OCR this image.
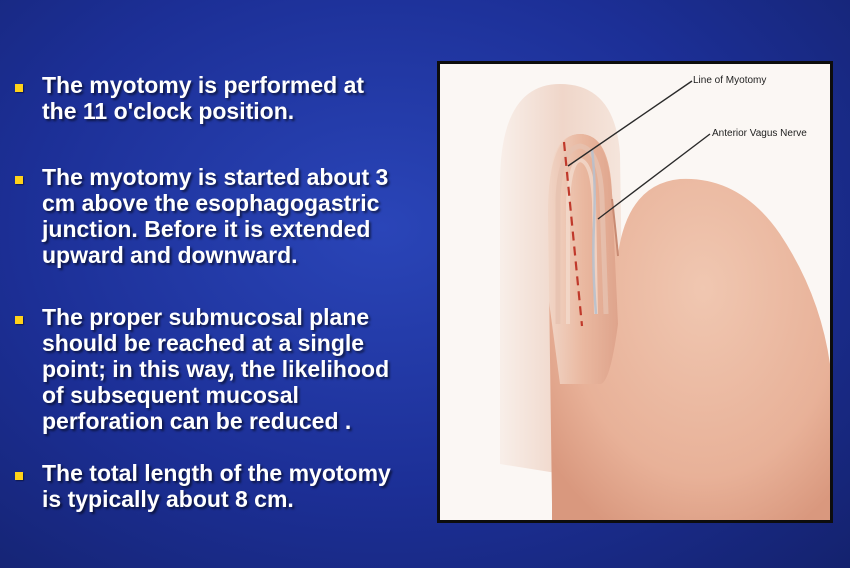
The myotomy is performed at
the 11 o'clock position.
The myotomy is started about 3
cm above the esophagogastric
junction. Before it is extended
upward and downward.
The proper submucosal plane
should be reached at a single
point; in this way, the likelihood
of subsequent mucosal
perforation can be reduced .
The total length of the myotomy
is typically about 8 cm.
Line of Myotomy
Anterior Vagus Nerve
